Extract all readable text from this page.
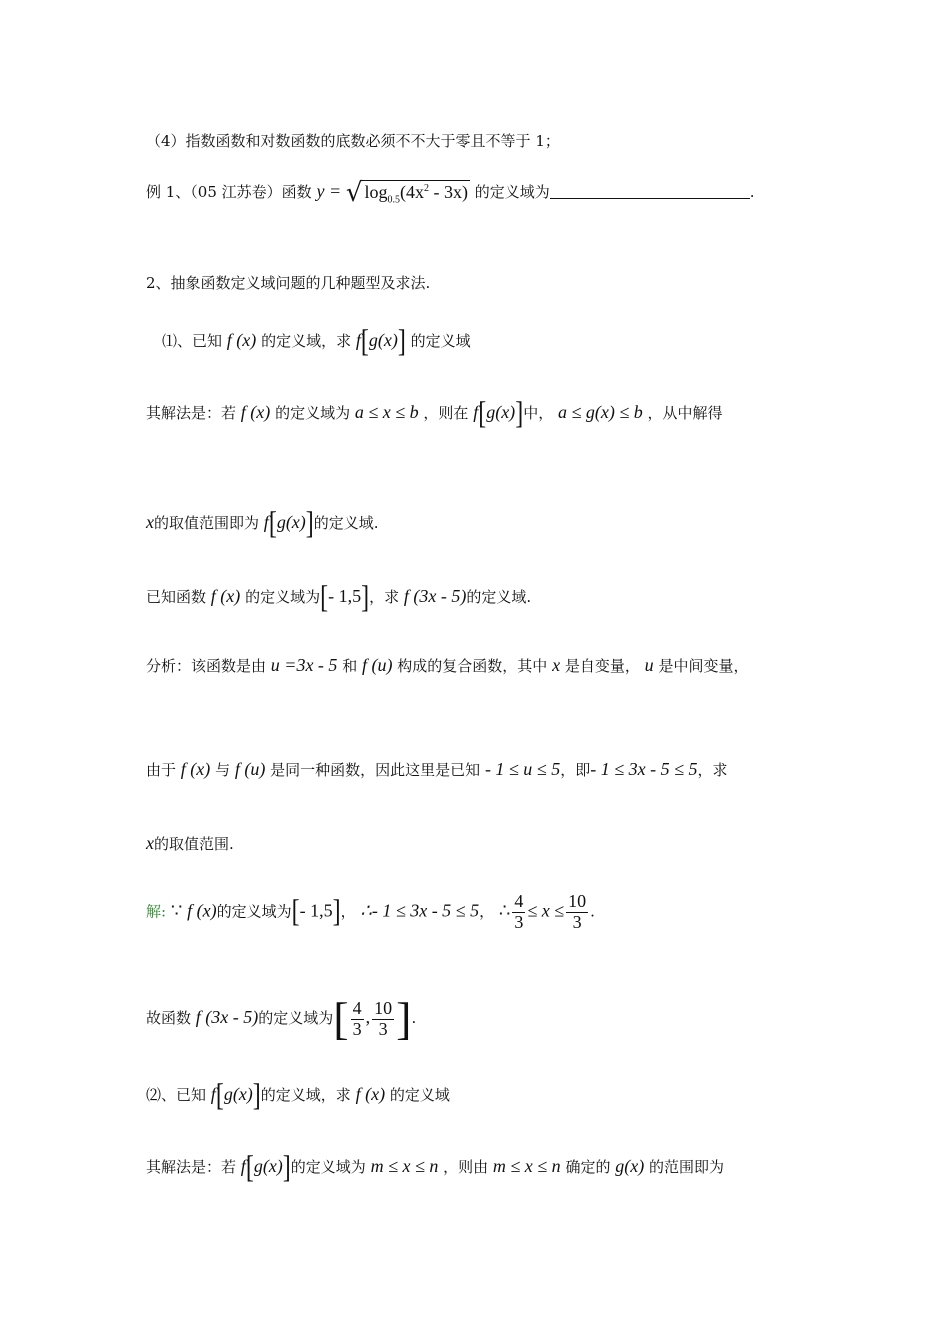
（4）指数函数和对数函数的底数必须不不大于零且不等于 1；
例 1、（05 江苏卷）函数 y = √ $\log_{0.5}(4x^2 - 3x)$ 的定义域为	.
2、抽象函数定义域问题的几种题型及求法.
⑴、已知 f (x) 的定义域，求 f[g(x)] 的定义域
其解法是：若 f (x) 的定义域为 a ≤ x ≤ b ，则在 f[g(x)]中， a ≤ g(x) ≤ b ，从中解得
x的取值范围即为 f[g(x)]的定义域.
已知函数 f (x) 的定义域为[- 1,5]，求 f (3x - 5)的定义域.
分析：该函数是由 u =3x - 5 和 f (u) 构成的复合函数，其中 x 是自变量， u 是中间变量，
由于 f (x) 与 f (u) 是同一种函数，因此这里是已知 - 1 ≤ u ≤ 5，即- 1 ≤ 3x - 5 ≤ 5，求
x的取值范围.
解: ∵ f (x)的定义域为[- 1,5]， ∴- 1 ≤ 3x - 5 ≤ 5， ∴ $\frac{4}{3} \le x \le \frac{10}{3}$ .
故函数 f (3x - 5)的定义域为[ $\frac{4}{3}$ , $\frac{10}{3}$ ].
⑵、已知 f[g(x)]的定义域，求 f (x) 的定义域
其解法是：若 f[g(x)]的定义域为 m ≤ x ≤ n ，则由 m ≤ x ≤ n 确定的 g(x) 的范围即为
